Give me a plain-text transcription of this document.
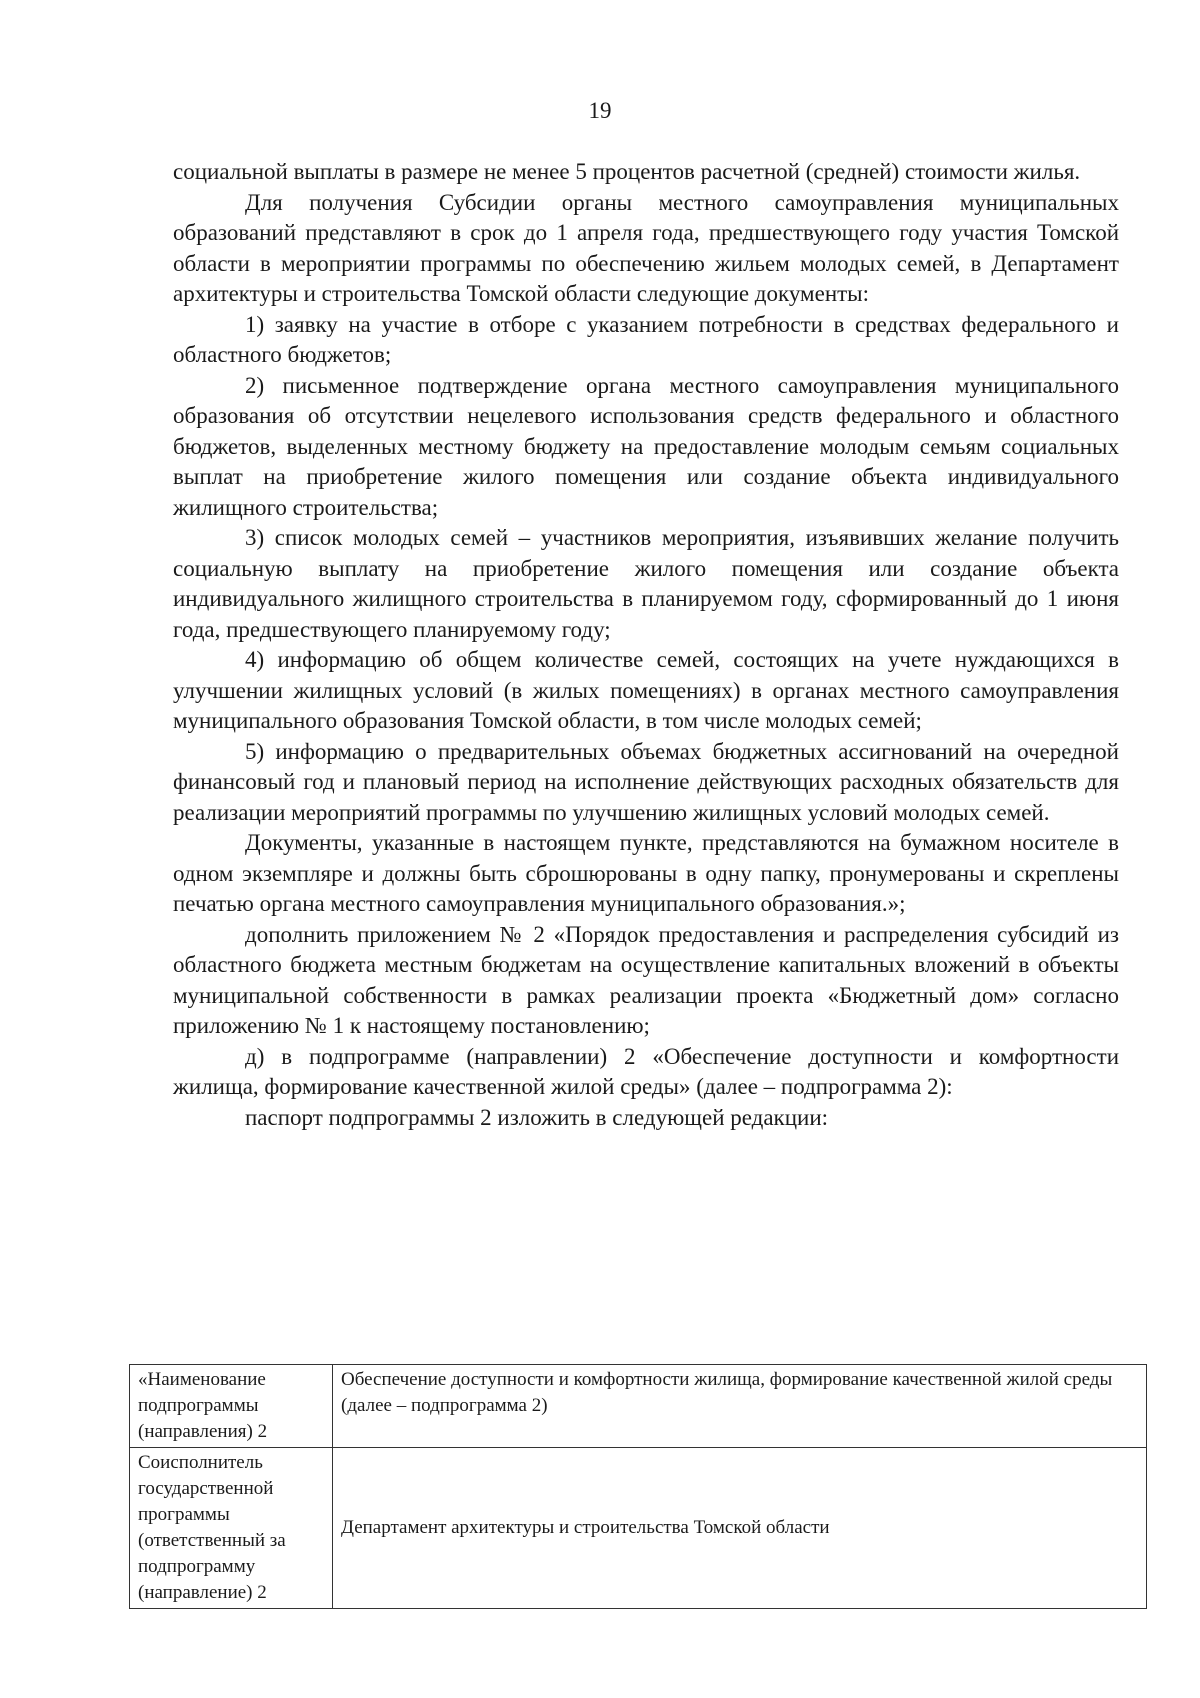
19

социальной выплаты в размере не менее 5 процентов расчетной (средней) стоимости жилья.

Для получения Субсидии органы местного самоуправления муниципальных образований представляют в срок до 1 апреля года, предшествующего году участия Томской области в мероприятии программы по обеспечению жильем молодых семей, в Департамент архитектуры и строительства Томской области следующие документы:

1) заявку на участие в отборе с указанием потребности в средствах федерального и областного бюджетов;

2) письменное подтверждение органа местного самоуправления муниципального образования об отсутствии нецелевого использования средств федерального и областного бюджетов, выделенных местному бюджету на предоставление молодым семьям социальных выплат на приобретение жилого помещения или создание объекта индивидуального жилищного строительства;

3) список молодых семей – участников мероприятия, изъявивших желание получить социальную выплату на приобретение жилого помещения или создание объекта индивидуального жилищного строительства в планируемом году, сформированный до 1 июня года, предшествующего планируемому году;

4) информацию об общем количестве семей, состоящих на учете нуждающихся в улучшении жилищных условий (в жилых помещениях) в органах местного самоуправления муниципального образования Томской области, в том числе молодых семей;

5) информацию о предварительных объемах бюджетных ассигнований на очередной финансовый год и плановый период на исполнение действующих расходных обязательств для реализации мероприятий программы по улучшению жилищных условий молодых семей.

Документы, указанные в настоящем пункте, представляются на бумажном носителе в одном экземпляре и должны быть сброшюрованы в одну папку, пронумерованы и скреплены печатью органа местного самоуправления муниципального образования.»;

дополнить приложением № 2 «Порядок предоставления и распределения субсидий из областного бюджета местным бюджетам на осуществление капитальных вложений в объекты муниципальной собственности в рамках реализации проекта «Бюджетный дом» согласно приложению № 1 к настоящему постановлению;

д) в подпрограмме (направлении) 2 «Обеспечение доступности и комфортности жилища, формирование качественной жилой среды» (далее – подпрограмма 2):

паспорт подпрограммы 2 изложить в следующей редакции:

«Наименование подпрограммы (направления) 2	Обеспечение доступности и комфортности жилища, формирование качественной жилой среды (далее – подпрограмма 2)
Соисполнитель государственной программы (ответственный за подпрограмму (направление) 2	Департамент архитектуры и строительства Томской области
